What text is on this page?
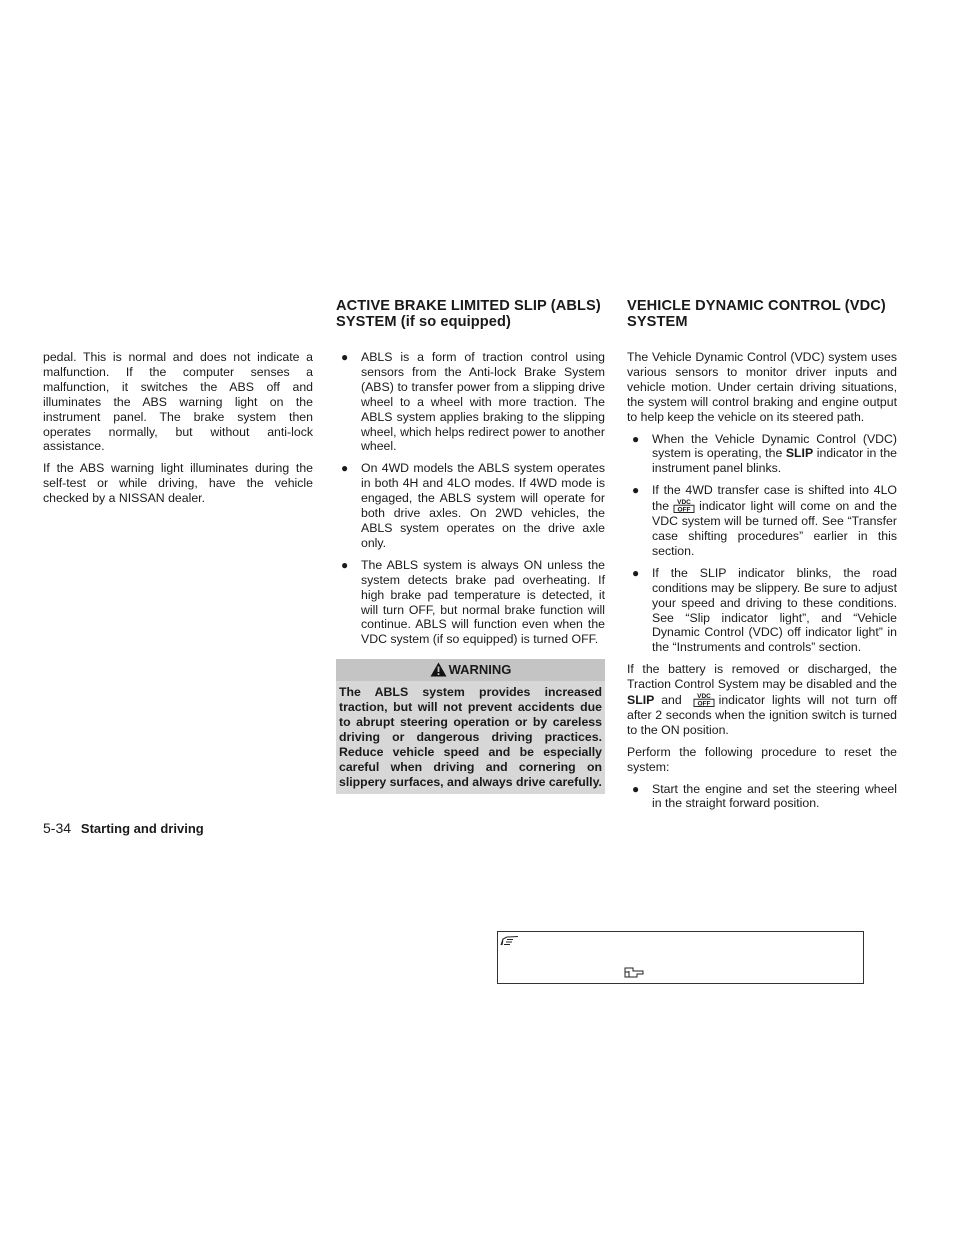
pedal. This is normal and does not indicate a malfunction. If the computer senses a malfunction, it switches the ABS off and illuminates the ABS warning light on the instrument panel. The brake system then operates normally, but without anti-lock assistance.

If the ABS warning light illuminates during the self-test or while driving, have the vehicle checked by a NISSAN dealer.

ACTIVE BRAKE LIMITED SLIP (ABLS)
SYSTEM (if so equipped)
● ABLS is a form of traction control using sensors from the Anti-lock Brake System (ABS) to transfer power from a slipping drive wheel to a wheel with more traction. The ABLS system applies braking to the slipping wheel, which helps redirect power to another wheel.
● On 4WD models the ABLS system operates in both 4H and 4LO modes. If 4WD mode is engaged, the ABLS system will operate for both drive axles. On 2WD vehicles, the ABLS system operates on the drive axle only.
● The ABLS system is always ON unless the system detects brake pad overheating. If high brake pad temperature is detected, it will turn OFF, but normal brake function will continue. ABLS will function even when the VDC system (if so equipped) is turned OFF.
WARNING
The ABLS system provides increased traction, but will not prevent accidents due to abrupt steering operation or by careless driving or dangerous driving practices. Reduce vehicle speed and be especially careful when driving and cornering on slippery surfaces, and always drive carefully.
VEHICLE DYNAMIC CONTROL (VDC)
SYSTEM

The Vehicle Dynamic Control (VDC) system uses various sensors to monitor driver inputs and vehicle motion. Under certain driving situations, the system will control braking and engine output to help keep the vehicle on its steered path.

● When the Vehicle Dynamic Control (VDC) system is operating, the SLIP indicator in the instrument panel blinks.
● If the 4WD transfer case is shifted into 4LO the VDC
OFF indicator light will come on and the VDC system will be turned off. See “Transfer case shifting procedures” earlier in this section.
● If the SLIP indicator blinks, the road conditions may be slippery. Be sure to adjust your speed and driving to these conditions. See “Slip indicator light”, and “Vehicle Dynamic Control (VDC) off indicator light” in the “Instruments and controls” section.

If the battery is removed or discharged, the Traction Control System may be disabled and the SLIP and VDC
OFF indicator lights will not turn off after 2 seconds when the ignition switch is turned to the ON position.

Perform the following procedure to reset the system:

● Start the engine and set the steering wheel in the straight forward position.
5-34 Starting and driving
